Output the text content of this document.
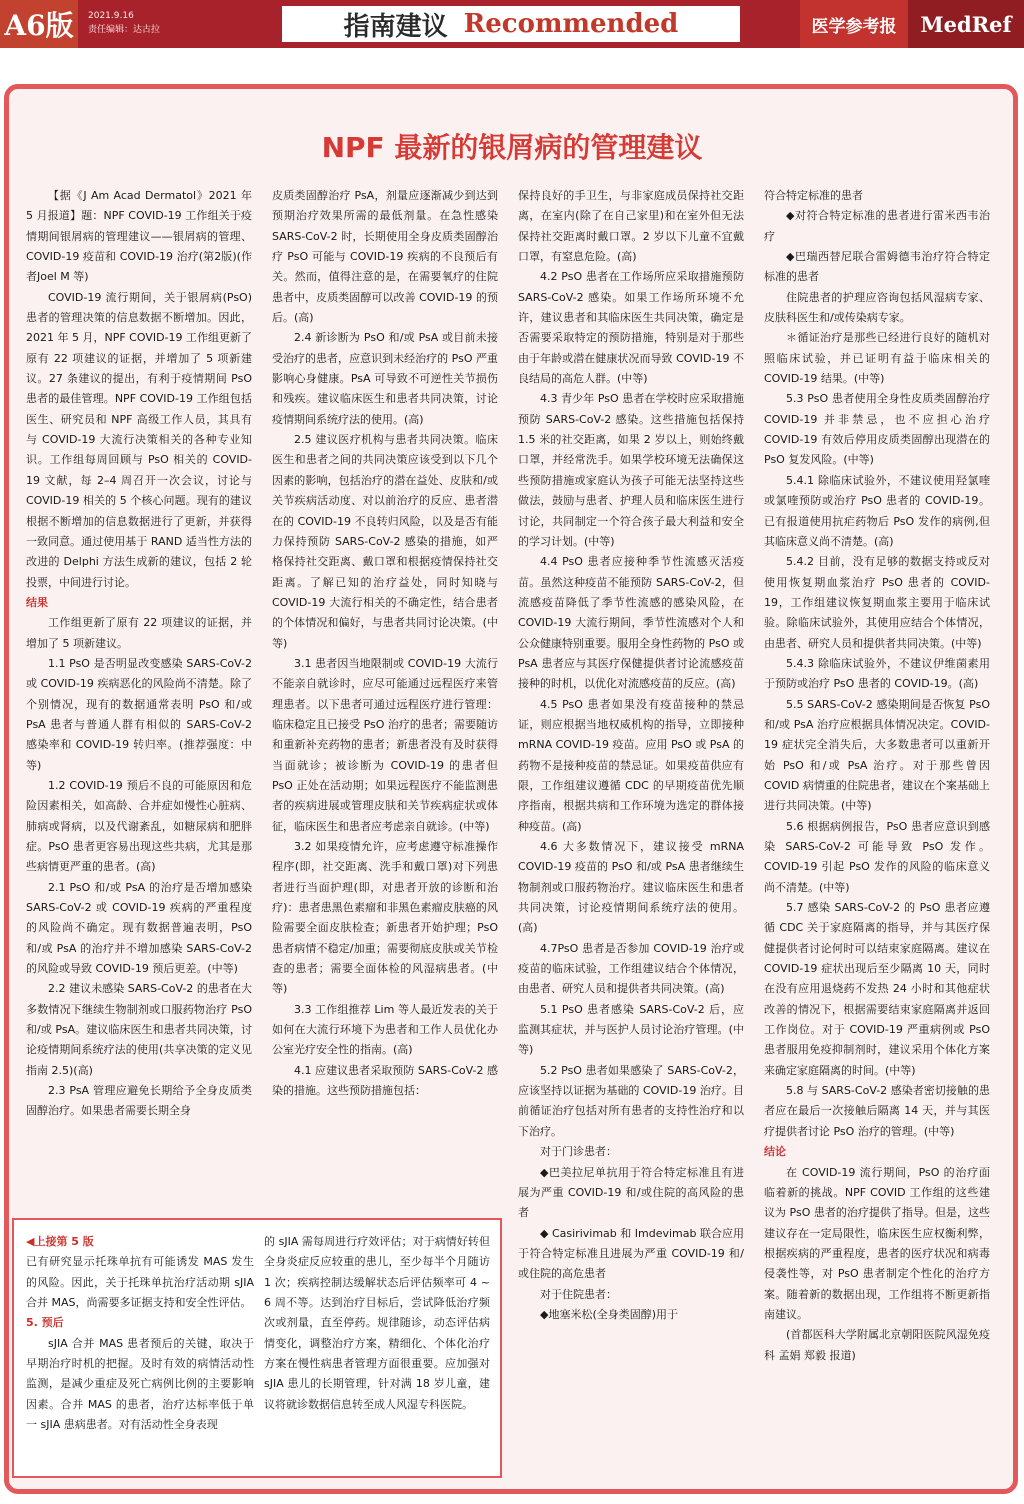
A6版	2021.9.16
责任编辑：达古拉	指南建议 Recommended	医学参考报	MedRef
NPF 最新的银屑病的管理建议

【据《J Am Acad Dermatol》2021 年 5 月报道】题：NPF COVID-19 工作组关于疫情期间银屑病的管理建议——银屑病的管理、COVID-19 疫苗和 COVID-19 治疗(第2版)(作者Joel M 等)

COVID-19 流行期间，关于银屑病(PsO)患者的管理决策的信息数据不断增加。因此，2021 年 5 月，NPF COVID-19 工作组更新了原有 22 项建议的证据，并增加了 5 项新建议。27 条建议的提出，有利于疫情期间 PsO 患者的最佳管理。NPF COVID-19 工作组包括医生、研究员和 NPF 高级工作人员，其具有与 COVID-19 大流行决策相关的各种专业知识。工作组每周回顾与 PsO 相关的 COVID-19 文献，每 2–4 周召开一次会议，讨论与 COVID-19 相关的 5 个核心问题。现有的建议根据不断增加的信息数据进行了更新，并获得一致同意。通过使用基于 RAND 适当性方法的改进的 Delphi 方法生成新的建议，包括 2 轮投票，中间进行讨论。

结果

工作组更新了原有 22 项建议的证据，并增加了 5 项新建议。

1.1 PsO 是否明显改变感染 SARS-CoV-2 或 COVID-19 疾病恶化的风险尚不清楚。除了个别情况，现有的数据通常表明 PsO 和/或 PsA 患者与普通人群有相似的 SARS-CoV-2 感染率和 COVID-19 转归率。(推荐强度：中等)

1.2 COVID-19 预后不良的可能原因和危险因素相关，如高龄、合并症如慢性心脏病、肺病或肾病，以及代谢紊乱，如糖尿病和肥胖症。PsO 患者更容易出现这些共病，尤其是那些病情更严重的患者。(高)

2.1 PsO 和/或 PsA 的治疗是否增加感染 SARS-CoV-2 或 COVID-19 疾病的严重程度的风险尚不确定。现有数据普遍表明，PsO 和/或 PsA 的治疗并不增加感染 SARS-CoV-2 的风险或导致 COVID-19 预后更差。(中等)

2.2 建议未感染 SARS-CoV-2 的患者在大多数情况下继续生物制剂或口服药物治疗 PsO 和/或 PsA。建议临床医生和患者共同决策，讨论疫情期间系统疗法的使用(共享决策的定义见指南 2.5)(高)

2.3 PsA 管理应避免长期给予全身皮质类固醇治疗。如果患者需要长期全身

皮质类固醇治疗 PsA，剂量应逐渐减少到达到预期治疗效果所需的最低剂量。在急性感染 SARS-CoV-2 时，长期使用全身皮质类固醇治疗 PsO 可能与 COVID-19 疾病的不良预后有关。然而，值得注意的是，在需要氧疗的住院患者中，皮质类固醇可以改善 COVID-19 的预后。(高)

2.4 新诊断为 PsO 和/或 PsA 或目前未接受治疗的患者，应意识到未经治疗的 PsO 严重影响心身健康。PsA 可导致不可逆性关节损伤和残疾。建议临床医生和患者共同决策，讨论疫情期间系统疗法的使用。(高)

2.5 建议医疗机构与患者共同决策。临床医生和患者之间的共同决策应该受到以下几个因素的影响，包括治疗的潜在益处、皮肤和/或关节疾病活动度、对以前治疗的反应、患者潜在的 COVID-19 不良转归风险，以及是否有能力保持预防 SARS-CoV-2 感染的措施，如严格保持社交距离、戴口罩和根据疫情保持社交距离。了解已知的治疗益处，同时知晓与 COVID-19 大流行相关的不确定性，结合患者的个体情况和偏好，与患者共同讨论决策。(中等)

3.1 患者因当地限制或 COVID-19 大流行不能亲自就诊时，应尽可能通过远程医疗来管理患者。以下患者可通过远程医疗进行管理：临床稳定且已接受 PsO 治疗的患者；需要随访和重新补充药物的患者；新患者没有及时获得当面就诊；被诊断为 COVID-19 的患者但 PsO 正处在活动期；如果远程医疗不能监测患者的疾病进展或管理皮肤和关节疾病症状或体征，临床医生和患者应考虑亲自就诊。(中等)

3.2 如果疫情允许，应考虑遵守标准操作程序(即，社交距离、洗手和戴口罩)对下列患者进行当面护理(即，对患者开放的诊断和治疗)：患者患黑色素瘤和非黑色素瘤皮肤癌的风险需要全面皮肤检查；新患者开始护理；PsO 患者病情不稳定/加重；需要彻底皮肤或关节检查的患者；需要全面体检的风湿病患者。(中等)

3.3 工作组推荐 Lim 等人最近发表的关于如何在大流行环境下为患者和工作人员优化办公室光疗安全性的指南。(高)

4.1 应建议患者采取预防 SARS-CoV-2 感染的措施。这些预防措施包括：

保持良好的手卫生，与非家庭成员保持社交距离，在室内(除了在自己家里)和在室外但无法保持社交距离时戴口罩。2 岁以下儿童不宜戴口罩，有窒息危险。(高)

4.2 PsO 患者在工作场所应采取措施预防 SARS-CoV-2 感染。如果工作场所环境不允许，建议患者和其临床医生共同决策，确定是否需要采取特定的预防措施，特别是对于那些由于年龄或潜在健康状况而导致 COVID-19 不良结局的高危人群。(中等)

4.3 青少年 PsO 患者在学校时应采取措施预防 SARS-CoV-2 感染。这些措施包括保持 1.5 米的社交距离，如果 2 岁以上，则始终戴口罩，并经常洗手。如果学校环境无法确保这些预防措施或家庭认为孩子可能无法坚持这些做法，鼓励与患者、护理人员和临床医生进行讨论，共同制定一个符合孩子最大利益和安全的学习计划。(中等)

4.4 PsO 患者应接种季节性流感灭活疫苗。虽然这种疫苗不能预防 SARS-CoV-2，但流感疫苗降低了季节性流感的感染风险，在 COVID-19 大流行期间，季节性流感对个人和公众健康特别重要。服用全身性药物的 PsO 或 PsA 患者应与其医疗保健提供者讨论流感疫苗接种的时机，以优化对流感疫苗的反应。(高)

4.5 PsO 患者如果没有疫苗接种的禁忌证，则应根据当地权威机构的指导，立即接种 mRNA COVID-19 疫苗。应用 PsO 或 PsA 的药物不是接种疫苗的禁忌证。如果疫苗供应有限，工作组建议遵循 CDC 的早期疫苗优先顺序指南，根据共病和工作环境为选定的群体接种疫苗。(高)

4.6 大多数情况下，建议接受 mRNA COVID-19 疫苗的 PsO 和/或 PsA 患者继续生物制剂或口服药物治疗。建议临床医生和患者共同决策，讨论疫情期间系统疗法的使用。(高)

4.7PsO 患者是否参加 COVID-19 治疗或疫苗的临床试验，工作组建议结合个体情况，由患者、研究人员和提供者共同决策。(高)

5.1 PsO 患者感染 SARS-CoV-2 后，应监测其症状，并与医护人员讨论治疗管理。(中等)

5.2 PsO 患者如果感染了 SARS-CoV-2，应该坚持以证据为基础的 COVID-19 治疗。目前循证治疗包括对所有患者的支持性治疗和以下治疗。

对于门诊患者：

◆巴美拉尼单抗用于符合特定标准且有进展为严重 COVID-19 和/或住院的高风险的患者

◆ Casirivimab 和 Imdevimab 联合应用于符合特定标准且进展为严重 COVID-19 和/或住院的高危患者

对于住院患者：

◆地塞米松(全身类固醇)用于

符合特定标准的患者

◆对符合特定标准的患者进行雷米西韦治疗

◆巴瑞西替尼联合雷姆德韦治疗符合特定标准的患者

住院患者的护理应咨询包括风湿病专家、皮肤科医生和/或传染病专家。

＊循证治疗是那些已经进行良好的随机对照临床试验，并已证明有益于临床相关的 COVID-19 结果。(中等)

5.3 PsO 患者使用全身性皮质类固醇治疗 COVID-19 并非禁忌，也不应担心治疗 COVID-19 有效后停用皮质类固醇出现潜在的 PsO 复发风险。(中等)

5.4.1 除临床试验外，不建议使用羟氯喹或氯喹预防或治疗 PsO 患者的 COVID-19。已有报道使用抗疟药物后 PsO 发作的病例,但其临床意义尚不清楚。(高)

5.4.2 目前，没有足够的数据支持或反对使用恢复期血浆治疗 PsO 患者的 COVID-19，工作组建议恢复期血浆主要用于临床试验。除临床试验外，其使用应结合个体情况，由患者、研究人员和提供者共同决策。(中等)

5.4.3 除临床试验外，不建议伊维菌素用于预防或治疗 PsO 患者的 COVID-19。(高)

5.5 SARS-CoV-2 感染期间是否恢复 PsO 和/或 PsA 治疗应根据具体情况决定。COVID-19 症状完全消失后，大多数患者可以重新开始 PsO 和/或 PsA 治疗。对于那些曾因 COVID 病情重的住院患者，建议在个案基础上进行共同决策。(中等)

5.6 根据病例报告，PsO 患者应意识到感染 SARS-CoV-2 可能导致 PsO 发作。COVID-19 引起 PsO 发作的风险的临床意义尚不清楚。(中等)

5.7 感染 SARS-CoV-2 的 PsO 患者应遵循 CDC 关于家庭隔离的指导，并与其医疗保健提供者讨论何时可以结束家庭隔离。建议在 COVID-19 症状出现后至少隔离 10 天，同时在没有应用退烧药不发热 24 小时和其他症状改善的情况下，根据需要结束家庭隔离并返回工作岗位。对于 COVID-19 严重病例或 PsO 患者服用免疫抑制剂时，建议采用个体化方案来确定家庭隔离的时间。(中等)

5.8 与 SARS-CoV-2 感染者密切接触的患者应在最后一次接触后隔离 14 天，并与其医疗提供者讨论 PsO 治疗的管理。(中等)

结论

在 COVID-19 流行期间，PsO 的治疗面临着新的挑战。NPF COVID 工作组的这些建议为 PsO 患者的治疗提供了指导。但是，这些建议存在一定局限性，临床医生应权衡利弊，根据疾病的严重程度，患者的医疗状况和病毒侵袭性等，对 PsO 患者制定个性化的治疗方案。随着新的数据出现，工作组将不断更新指南建议。

(首都医科大学附属北京朝阳医院风湿免疫科 孟娟 郑毅 报道)

◀上接第 5 版

已有研究显示托珠单抗有可能诱发 MAS 发生的风险。因此，关于托珠单抗治疗活动期 sJIA 合并 MAS，尚需要多证据支持和安全性评估。

5. 预后

sJIA 合并 MAS 患者预后的关键，取决于早期治疗时机的把握。及时有效的病情活动性监测，是减少重症及死亡病例比例的主要影响因素。合并 MAS 的患者，治疗达标率低于单一 sJIA 患病患者。对有活动性全身表现

的 sJIA 需每周进行疗效评估；对于病情好转但全身炎症反应较重的患儿，至少每半个月随访 1 次；疾病控制达缓解状态后评估频率可 4 ~ 6 周不等。达到治疗目标后，尝试降低治疗频次或剂量，直至停药。规律随诊，动态评估病情变化，调整治疗方案，精细化、个体化治疗方案在慢性病患者管理方面很重要。应加强对 sJIA 患儿的长期管理，针对满 18 岁儿童，建议将就诊数据信息转至成人风湿专科医院。
